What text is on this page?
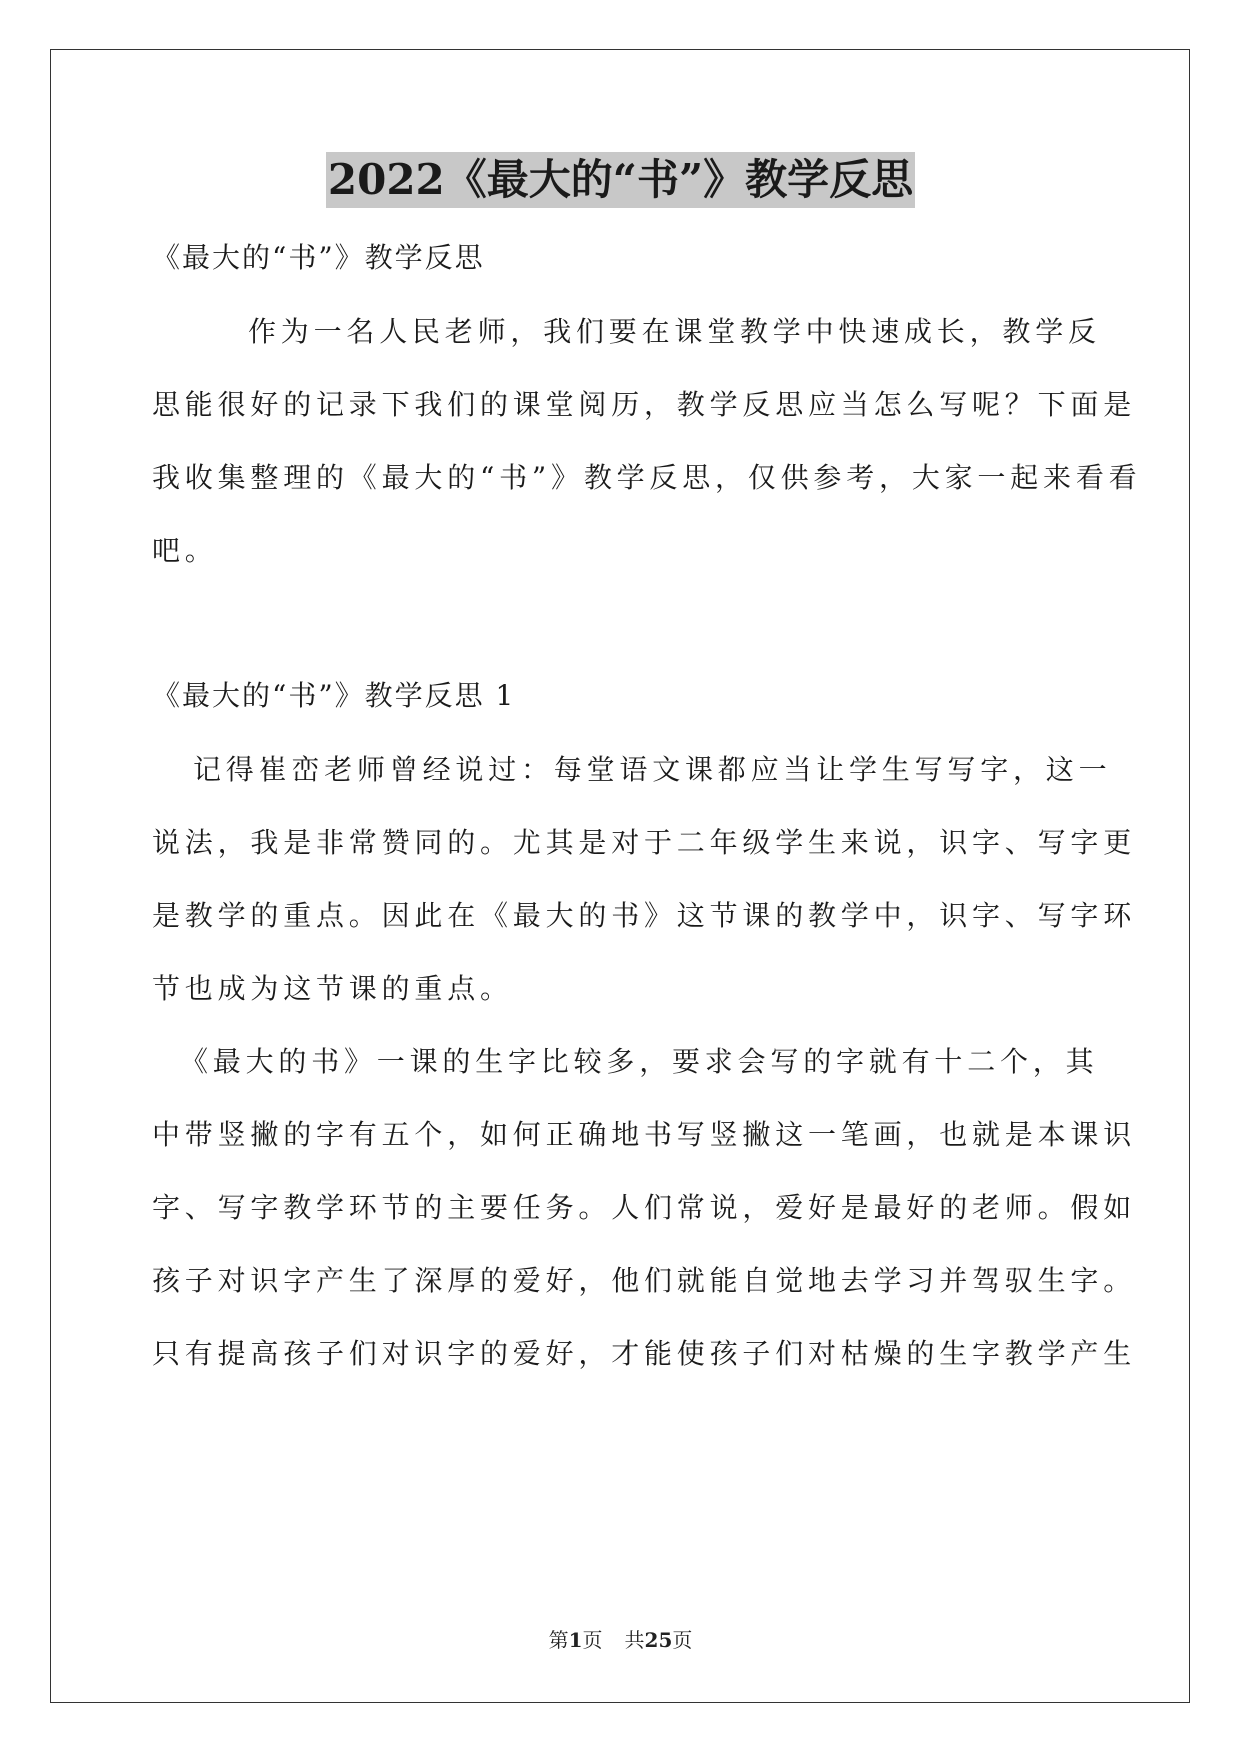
2022《最大的“书”》教学反思

《最大的“书”》教学反思

作为一名人民老师，我们要在课堂教学中快速成长，教学反

思能很好的记录下我们的课堂阅历，教学反思应当怎么写呢？下面是

我收集整理的《最大的“书”》教学反思，仅供参考，大家一起来看看

吧。

《最大的“书”》教学反思 1

记得崔峦老师曾经说过：每堂语文课都应当让学生写写字，这一

说法，我是非常赞同的。尤其是对于二年级学生来说，识字、写字更

是教学的重点。因此在《最大的书》这节课的教学中，识字、写字环

节也成为这节课的重点。

《最大的书》一课的生字比较多，要求会写的字就有十二个，其

中带竖撇的字有五个，如何正确地书写竖撇这一笔画，也就是本课识

字、写字教学环节的主要任务。人们常说，爱好是最好的老师。假如

孩子对识字产生了深厚的爱好，他们就能自觉地去学习并驾驭生字。

只有提高孩子们对识字的爱好，才能使孩子们对枯燥的生字教学产生

第1页 共25页
